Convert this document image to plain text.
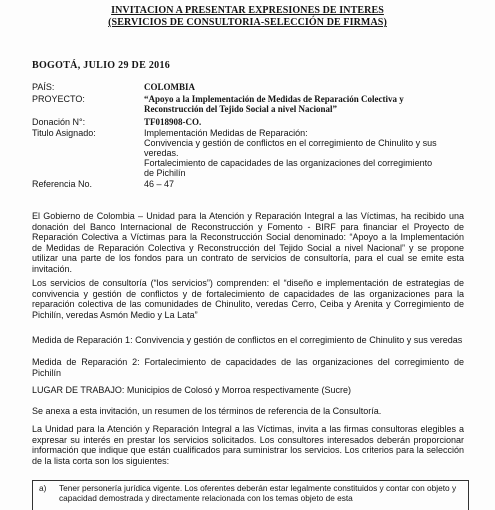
INVITACION A PRESENTAR EXPRESIONES DE INTERES
(SERVICIOS DE CONSULTORIA-SELECCIÓN DE FIRMAS)
BOGOTÁ, JULIO 29 DE 2016
PAÍS:	COLOMBIA
PROYECTO:	“Apoyo a la Implementación de Medidas de Reparación Colectiva y Reconstrucción del Tejido Social a nivel Nacional”
Donación N°:	TF018908-CO.
Titulo Asignado:	Implementación Medidas de Reparación:
Convivencia y gestión de conflictos en el corregimiento de Chinulito y sus veredas.
Fortalecimiento de capacidades de las organizaciones del corregimiento de Pichilín
Referencia No.	46 – 47
El Gobierno de Colombia – Unidad para la Atención y Reparación Integral a las Víctimas, ha recibido una donación del Banco Internacional de Reconstrucción y Fomento - BIRF para financiar el Proyecto de Reparación Colectiva a Víctimas para la Reconstrucción Social denominado: “Apoyo a la Implementación de Medidas de Reparación Colectiva y Reconstrucción del Tejido Social a nivel Nacional” y se propone utilizar una parte de los fondos para un contrato de servicios de consultoría, para el cual se emite esta invitación.
Los servicios de consultoría (“los servicios”) comprenden: el “diseño e implementación de estrategias de convivencia y gestión de conflictos y de fortalecimiento de capacidades de las organizaciones para la reparación colectiva de las comunidades de Chinulito, veredas Cerro, Ceiba y Arenita y Corregimiento de Pichilín, veredas Asmón Medio y La Lata”
Medida de Reparación 1: Convivencia y gestión de conflictos en el corregimiento de Chinulito y sus veredas
Medida de Reparación 2: Fortalecimiento de capacidades de las organizaciones del corregimiento de Pichilín
LUGAR DE TRABAJO: Municipios de Colosó y Morroa respectivamente (Sucre)
Se anexa a esta invitación, un resumen de los términos de referencia de la Consultoría.
La Unidad para la Atención y Reparación Integral a las Víctimas, invita a las firmas consultoras elegibles a expresar su interés en prestar los servicios solicitados. Los consultores interesados deberán proporcionar información que indique que están cualificados para suministrar los servicios. Los criterios para la selección de la lista corta son los siguientes:
a) Tener personería jurídica vigente. Los oferentes deberán estar legalmente constituidos y contar con objeto y capacidad demostrada y directamente relacionada con los temas objeto de esta
